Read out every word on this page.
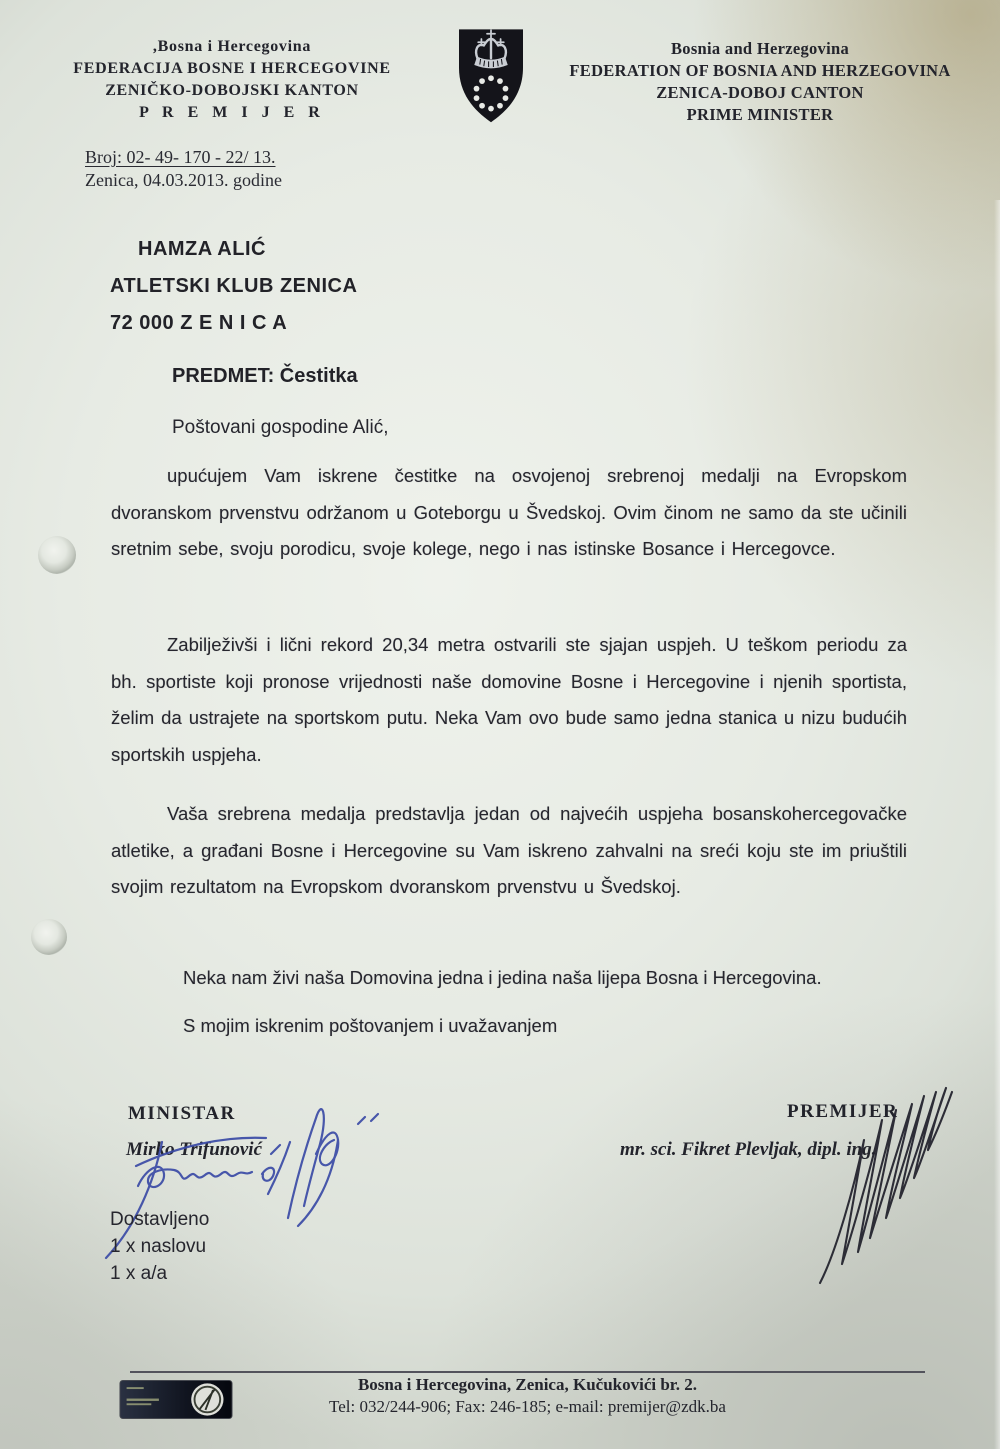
,Bosna i Hercegovina
FEDERACIJA BOSNE I HERCEGOVINE
ZENIČKO-DOBOJSKI KANTON
P R E M I J E R
Bosnia and Herzegovina
FEDERATION OF BOSNIA AND HERZEGOVINA
ZENICA-DOBOJ CANTON
PRIME MINISTER
Broj: 02- 49- 170 - 22/ 13.
Zenica, 04.03.2013. godine
HAMZA ALIĆ
ATLETSKI KLUB ZENICA
72 000 Z E N I C A
PREDMET: Čestitka
Poštovani gospodine Alić,
upućujem Vam iskrene čestitke na osvojenoj srebrenoj medalji na Evropskom dvoranskom prvenstvu održanom u Goteborgu u Švedskoj. Ovim činom ne samo da ste učinili sretnim sebe, svoju porodicu, svoje kolege, nego i nas istinske Bosance i Hercegovce.
Zabilježivši i lični rekord 20,34 metra ostvarili ste sjajan uspjeh. U teškom periodu za bh. sportiste koji pronose vrijednosti naše domovine Bosne i Hercegovine i njenih sportista, želim da ustrajete na sportskom putu. Neka Vam ovo bude samo jedna stanica u nizu budućih sportskih uspjeha.
Vaša srebrena medalja predstavlja jedan od najvećih uspjeha bosanskohercegovačke atletike, a građani Bosne i Hercegovine su Vam iskreno zahvalni na sreći koju ste im priuštili svojim rezultatom na Evropskom dvoranskom prvenstvu u Švedskoj.
Neka nam živi naša Domovina jedna i jedina naša lijepa Bosna i Hercegovina.
S mojim iskrenim poštovanjem i uvažavanjem
MINISTAR	PREMIJER
Mirko Trifunović	mr. sci. Fikret Plevljak, dipl. ing.
Dostavljeno
1 x naslovu
1 x a/a
Bosna i Hercegovina, Zenica, Kučukovići br. 2.
Tel: 032/244-906; Fax: 246-185; e-mail: premijer@zdk.ba
